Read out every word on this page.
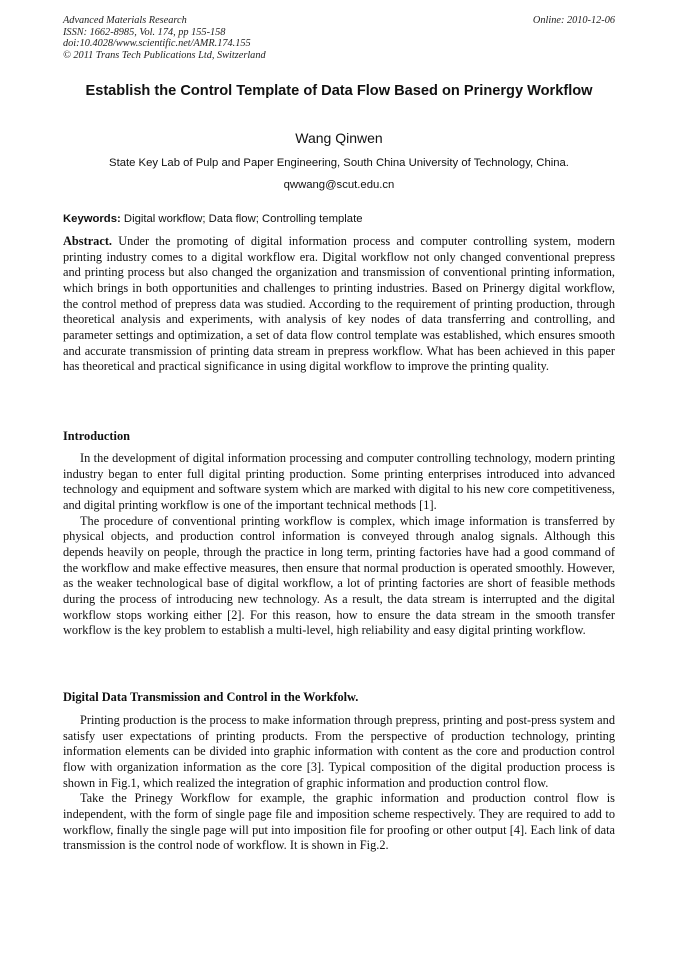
Advanced Materials Research
ISSN: 1662-8985, Vol. 174, pp 155-158
doi:10.4028/www.scientific.net/AMR.174.155
© 2011 Trans Tech Publications Ltd, Switzerland
Online: 2010-12-06
Establish the Control Template of Data Flow Based on Prinergy Workflow
Wang Qinwen
State Key Lab of Pulp and Paper Engineering, South China University of Technology, China.
qwwang@scut.edu.cn
Keywords: Digital workflow; Data flow; Controlling template

Abstract. Under the promoting of digital information process and computer controlling system, modern printing industry comes to a digital workflow era. Digital workflow not only changed conventional prepress and printing process but also changed the organization and transmission of conventional printing information, which brings in both opportunities and challenges to printing industries. Based on Prinergy digital workflow, the control method of prepress data was studied. According to the requirement of printing production, through theoretical analysis and experiments, with analysis of key nodes of data transferring and controlling, and parameter settings and optimization, a set of data flow control template was established, which ensures smooth and accurate transmission of printing data stream in prepress workflow. What has been achieved in this paper has theoretical and practical significance in using digital workflow to improve the printing quality.

Introduction

In the development of digital information processing and computer controlling technology, modern printing industry began to enter full digital printing production. Some printing enterprises introduced into advanced technology and equipment and software system which are marked with digital to his new core competitiveness, and digital printing workflow is one of the important technical methods [1].

The procedure of conventional printing workflow is complex, which image information is transferred by physical objects, and production control information is conveyed through analog signals. Although this depends heavily on people, through the practice in long term, printing factories have had a good command of the workflow and make effective measures, then ensure that normal production is operated smoothly. However, as the weaker technological base of digital workflow, a lot of printing factories are short of feasible methods during the process of introducing new technology. As a result, the data stream is interrupted and the digital workflow stops working either [2]. For this reason, how to ensure the data stream in the smooth transfer workflow is the key problem to establish a multi-level, high reliability and easy digital printing workflow.

Digital Data Transmission and Control in the Workfolw.

Printing production is the process to make information through prepress, printing and post-press system and satisfy user expectations of printing products. From the perspective of production technology, printing information elements can be divided into graphic information with content as the core and production control flow with organization information as the core [3]. Typical composition of the digital production process is shown in Fig.1, which realized the integration of graphic information and production control flow.

Take the Prinegy Workflow for example, the graphic information and production control flow is independent, with the form of single page file and imposition scheme respectively. They are required to add to workflow, finally the single page will put into imposition file for proofing or other output [4]. Each link of data transmission is the control node of workflow. It is shown in Fig.2.
